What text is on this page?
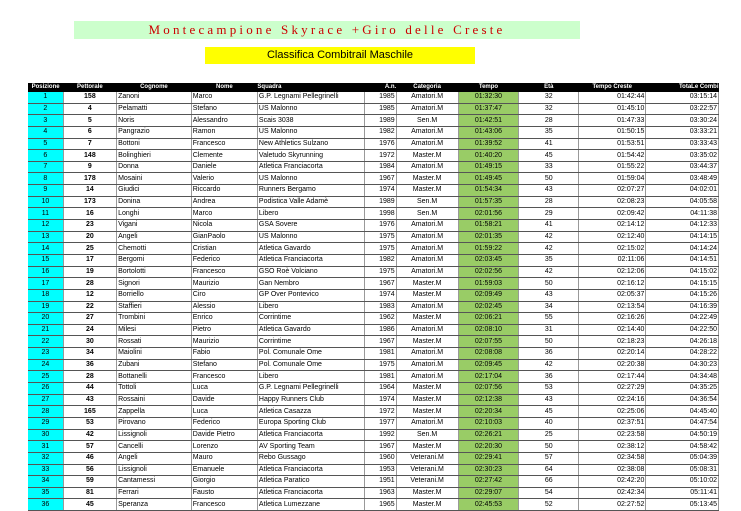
Montecampione Skyrace +Giro delle Creste
Classifica Combitrail Maschile
Posizione	Pettorale	Cognome	Nome	Squadra	A.n.	Categoria	Tempo	Età	Tempo Creste	TotaLe Combi
1	158	Zanoni	Marco	G.P. Legnami Pellegrinelli	1985	Amatori.M	01:32:30	32	01:42:44	03:15:14
2	4	Pelamatti	Stefano	US Malonno	1985	Amatori.M	01:37:47	32	01:45:10	03:22:57
3	5	Noris	Alessandro	Scais 3038	1989	Sen.M	01:42:51	28	01:47:33	03:30:24
4	6	Pangrazio	Ramon	US Malonno	1982	Amatori.M	01:43:06	35	01:50:15	03:33:21
5	7	Bottoni	Francesco	New Athletics Sulzano	1976	Amatori.M	01:39:52	41	01:53:51	03:33:43
6	148	Bolinghieri	Clemente	Valetudo Skyrunning	1972	Master.M	01:40:20	45	01:54:42	03:35:02
7	9	Donna	Daniele	Atletica Franciacorta	1984	Amatori.M	01:49:15	33	01:55:22	03:44:37
8	178	Mosaini	Valerio	US Malonno	1967	Master.M	01:49:45	50	01:59:04	03:48:49
9	14	Giudici	Riccardo	Runners Bergamo	1974	Master.M	01:54:34	43	02:07:27	04:02:01
10	173	Donina	Andrea	Podistica Valle Adamè	1989	Sen.M	01:57:35	28	02:08:23	04:05:58
11	16	Longhi	Marco	Libero	1998	Sen.M	02:01:56	29	02:09:42	04:11:38
12	23	Vigani	Nicola	GSA Sovere	1976	Amatori.M	01:58:21	41	02:14:12	04:12:33
13	20	Angeli	GianPaolo	US Malonno	1975	Amatori.M	02:01:35	42	02:12:40	04:14:15
14	25	Chemotti	Cristian	Atletica Gavardo	1975	Amatori.M	01:59:22	42	02:15:02	04:14:24
15	17	Bergomi	Federico	Atletica Franciacorta	1982	Amatori.M	02:03:45	35	02:11:06	04:14:51
16	19	Bortolotti	Francesco	GSO Roè Volciano	1975	Amatori.M	02:02:56	42	02:12:06	04:15:02
17	28	Signori	Maurizio	Gan Nembro	1967	Master.M	01:59:03	50	02:16:12	04:15:15
18	12	Borriello	Ciro	GP Over Pontevico	1974	Master.M	02:09:49	43	02:05:37	04:15:26
19	22	Staffieri	Alessio	Libero	1983	Amatori.M	02:02:45	34	02:13:54	04:16:39
20	27	Trombini	Enrico	Corrintime	1962	Master.M	02:06:21	55	02:16:26	04:22:49
21	24	Milesi	Pietro	Atletica Gavardo	1986	Amatori.M	02:08:10	31	02:14:40	04:22:50
22	30	Rossati	Maurizio	Corrintime	1967	Master.M	02:07:55	50	02:18:23	04:26:18
23	34	Maiolini	Fabio	Pol. Comunale Ome	1981	Amatori.M	02:08:08	36	02:20:14	04:28:22
24	36	Zubani	Stefano	Pol. Comunale Ome	1975	Amatori.M	02:09:45	42	02:20:38	04:30:23
25	28	Bottanelli	Francesco	Libero	1981	Amatori.M	02:17:04	36	02:17:44	04:34:48
26	44	Tottoli	Luca	G.P. Legnami Pellegrinelli	1964	Master.M	02:07:56	53	02:27:29	04:35:25
27	43	Rossaini	Davide	Happy Runners Club	1974	Master.M	02:12:38	43	02:24:16	04:36:54
28	165	Zappella	Luca	Atletica Casazza	1972	Master.M	02:20:34	45	02:25:06	04:45:40
29	53	Pirovano	Federico	Europa Sporting Club	1977	Amatori.M	02:10:03	40	02:37:51	04:47:54
30	42	Lissignoli	Davide Pietro	Atletica Franciacorta	1992	Sen.M	02:26:21	25	02:23:58	04:50:19
31	57	Cancelli	Lorenzo	AV Sporting Team	1967	Master.M	02:20:30	50	02:38:12	04:58:42
32	46	Angeli	Mauro	Rebo Gussago	1960	Veterani.M	02:29:41	57	02:34:58	05:04:39
33	56	Lissignoli	Emanuele	Atletica Franciacorta	1953	Veterani.M	02:30:23	64	02:38:08	05:08:31
34	59	Cantamessi	Giorgio	Atletica Paratico	1951	Veterani.M	02:27:42	66	02:42:20	05:10:02
35	81	Ferrari	Fausto	Atletica Franciacorta	1963	Master.M	02:29:07	54	02:42:34	05:11:41
36	45	Speranza	Francesco	Atletica Lumezzane	1965	Master.M	02:45:53	52	02:27:52	05:13:45
